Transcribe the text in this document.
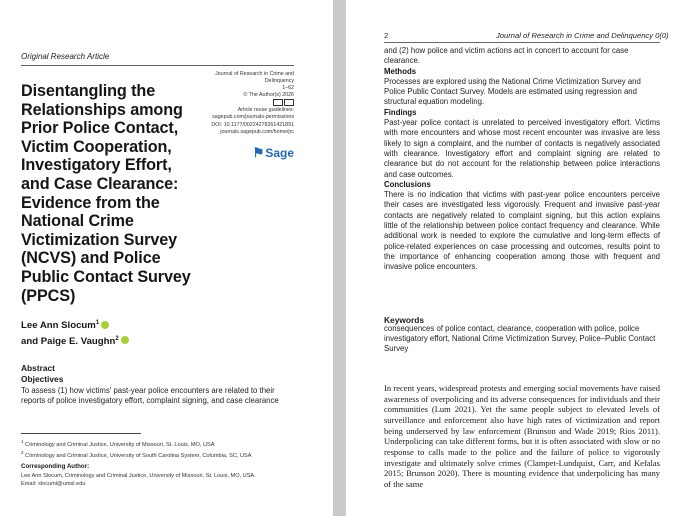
Original Research Article

Disentangling the Relationships among Prior Police Contact, Victim Cooperation, Investigatory Effort, and Case Clearance: Evidence from the National Crime Victimization Survey (NCVS) and Police Public Contact Survey (PPCS)
Journal of Research in Crime and Delinquency
1–62
© The Author(s) 2026
Article reuse guidelines:
sagepub.com/journals-permissions
DOI: 10.1177/00224278261421891
journals.sagepub.com/home/jrc
⚑Sage
Lee Ann Slocum$^1$
and Paige E. Vaughn$^2$

Abstract

Objectives

To assess (1) how victims' past-year police encounters are related to their reports of police investigatory effort, complaint signing, and case clearance

$^1$ Criminology and Criminal Justice, University of Missouri, St. Louis, MO, USA
$^2$ Criminology and Criminal Justice, University of South Carolina System, Columbia, SC, USA

Corresponding Author:

Lee Ann Slocum, Criminology and Criminal Justice, University of Missouri, St. Louis, MO, USA.
Email: slocuml@umsl.edu

2	Journal of Research in Crime and Delinquency 0(0)

and (2) how police and victim actions act in concert to account for case clearance.
Methods
Processes are explored using the National Crime Victimization Survey and Police Public Contact Survey. Models are estimated using regression and structural equation modeling.
Findings
Past-year police contact is unrelated to perceived investigatory effort. Victims with more encounters and whose most recent encounter was invasive are less likely to sign a complaint, and the number of contacts is negatively associated with clearance. Investigatory effort and complaint signing are related to clearance but do not account for the relationship between police interactions and case outcomes.
Conclusions
There is no indication that victims with past-year police encounters perceive their cases are investigated less vigorously. Frequent and invasive past-year contacts are negatively related to complaint signing, but this action explains little of the relationship between police contact frequency and clearance. While additional work is needed to explore the cumulative and long-term effects of police-related experiences on case processing and outcomes, results point to the importance of enhancing cooperation among those with frequent and invasive police encounters.

Keywords

consequences of police contact, clearance, cooperation with police, police investigatory effort, National Crime Victimization Survey, Police–Public Contact Survey

In recent years, widespread protests and emerging social movements have raised awareness of overpolicing and its adverse consequences for individuals and their communities (Lum 2021). Yet the same people subject to elevated levels of surveillance and enforcement also have high rates of victimization and report being underserved by law enforcement (Brunson and Wade 2019; Rios 2011). Underpolicing can take different forms, but it is often associated with slow or no response to calls made to the police and the failure of police to vigorously investigate and ultimately solve crimes (Clampet-Lundquist, Carr, and Kefalas 2015; Brunson 2020). There is mounting evidence that underpolicing has many of the same
